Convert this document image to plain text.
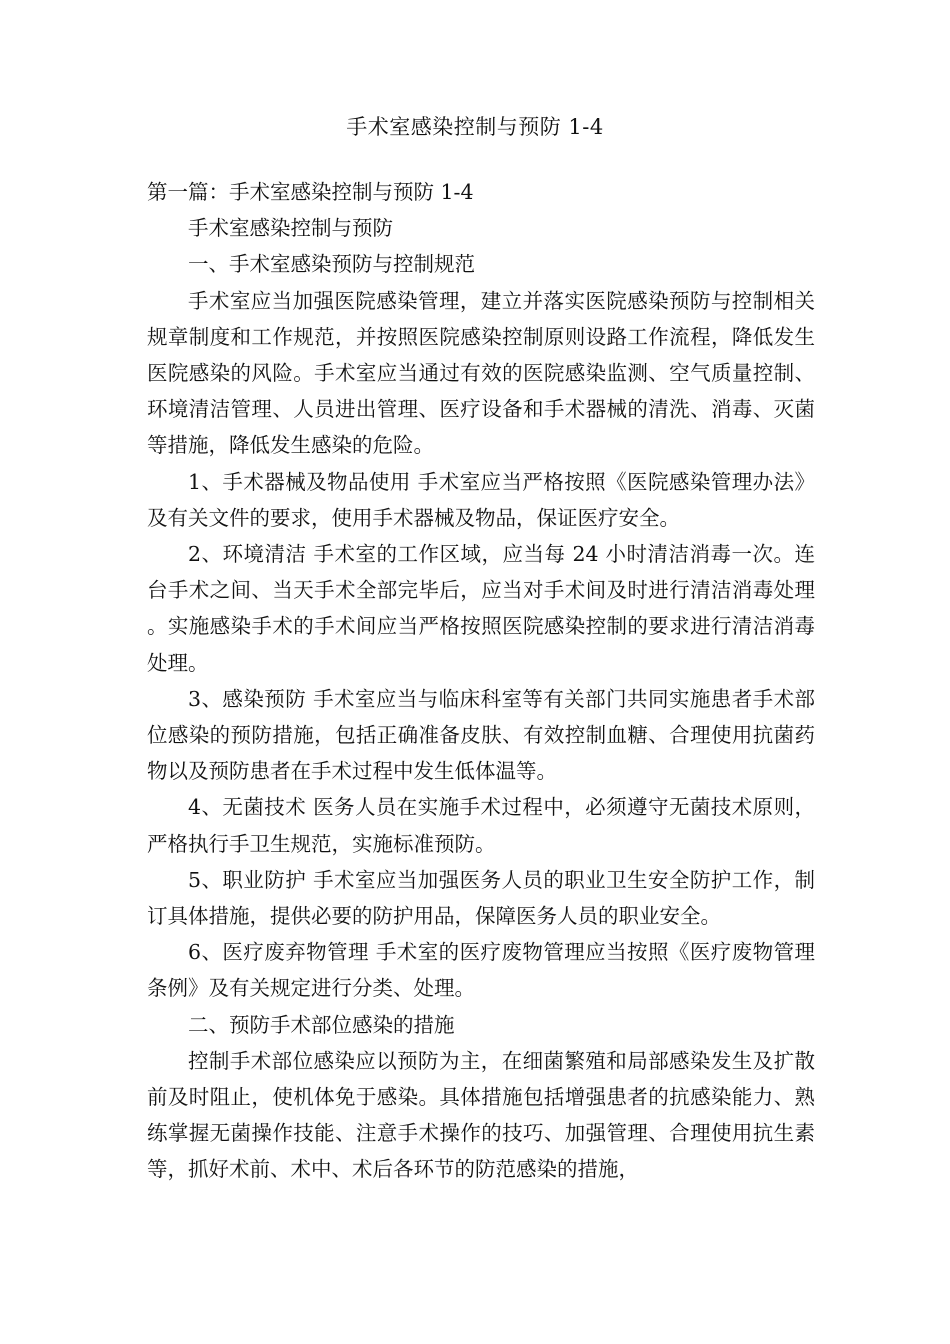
手术室感染控制与预防 1-4

第一篇：手术室感染控制与预防 1-4

手术室感染控制与预防

一、手术室感染预防与控制规范

手术室应当加强医院感染管理，建立并落实医院感染预防与控制相关规章制度和工作规范，并按照医院感染控制原则设路工作流程，降低发生医院感染的风险。手术室应当通过有效的医院感染监测、空气质量控制、环境清洁管理、人员进出管理、医疗设备和手术器械的清洗、消毒、灭菌等措施，降低发生感染的危险。

1、手术器械及物品使用 手术室应当严格按照《医院感染管理办法》及有关文件的要求，使用手术器械及物品，保证医疗安全。

2、环境清洁 手术室的工作区域，应当每 24 小时清洁消毒一次。连台手术之间、当天手术全部完毕后，应当对手术间及时进行清洁消毒处理。实施感染手术的手术间应当严格按照医院感染控制的要求进行清洁消毒处理。

3、感染预防 手术室应当与临床科室等有关部门共同实施患者手术部位感染的预防措施，包括正确准备皮肤、有效控制血糖、合理使用抗菌药物以及预防患者在手术过程中发生低体温等。

4、无菌技术 医务人员在实施手术过程中，必须遵守无菌技术原则，严格执行手卫生规范，实施标准预防。

5、职业防护 手术室应当加强医务人员的职业卫生安全防护工作，制订具体措施，提供必要的防护用品，保障医务人员的职业安全。

6、医疗废弃物管理 手术室的医疗废物管理应当按照《医疗废物管理条例》及有关规定进行分类、处理。

二、预防手术部位感染的措施

控制手术部位感染应以预防为主，在细菌繁殖和局部感染发生及扩散前及时阻止，使机体免于感染。具体措施包括增强患者的抗感染能力、熟练掌握无菌操作技能、注意手术操作的技巧、加强管理、合理使用抗生素等，抓好术前、术中、术后各环节的防范感染的措施，
